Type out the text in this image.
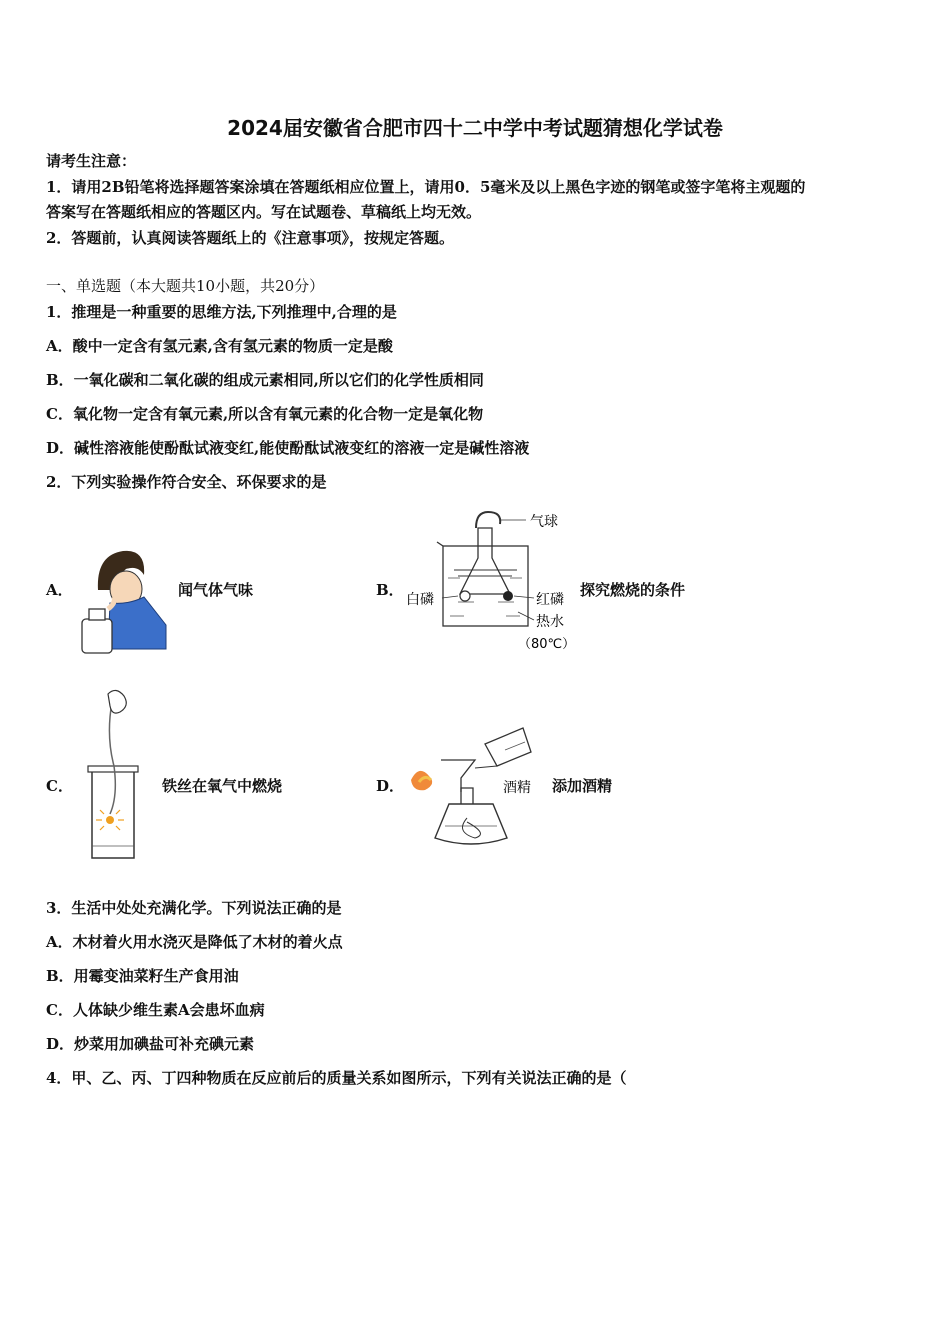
2024届安徽省合肥市四十二中学中考试题猜想化学试卷
请考生注意：
1．请用2B铅笔将选择题答案涂填在答题纸相应位置上，请用0．5毫米及以上黑色字迹的钢笔或签字笔将主观题的
答案写在答题纸相应的答题区内。写在试题卷、草稿纸上均无效。
2．答题前，认真阅读答题纸上的《注意事项》，按规定答题。
一、单选题（本大题共10小题，共20分）
1．推理是一种重要的思维方法,下列推理中,合理的是
A．酸中一定含有氢元素,含有氢元素的物质一定是酸
B．一氧化碳和二氧化碳的组成元素相同,所以它们的化学性质相同
C．氧化物一定含有氧元素,所以含有氧元素的化合物一定是氧化物
D．碱性溶液能使酚酞试液变红,能使酚酞试液变红的溶液一定是碱性溶液
2．下列实验操作符合安全、环保要求的是
A．	闻气体气味	B．
气球
白磷	红磷
热水
（80℃）
探究燃烧的条件
C．	铁丝在氧气中燃烧	D．	酒精 添加酒精
3．生活中处处充满化学。下列说法正确的是
A．木材着火用水浇灭是降低了木材的着火点
B．用霉变油菜籽生产食用油
C．人体缺少维生素A会患坏血病
D．炒菜用加碘盐可补充碘元素
4．甲、乙、丙、丁四种物质在反应前后的质量关系如图所示，下列有关说法正确的是（
